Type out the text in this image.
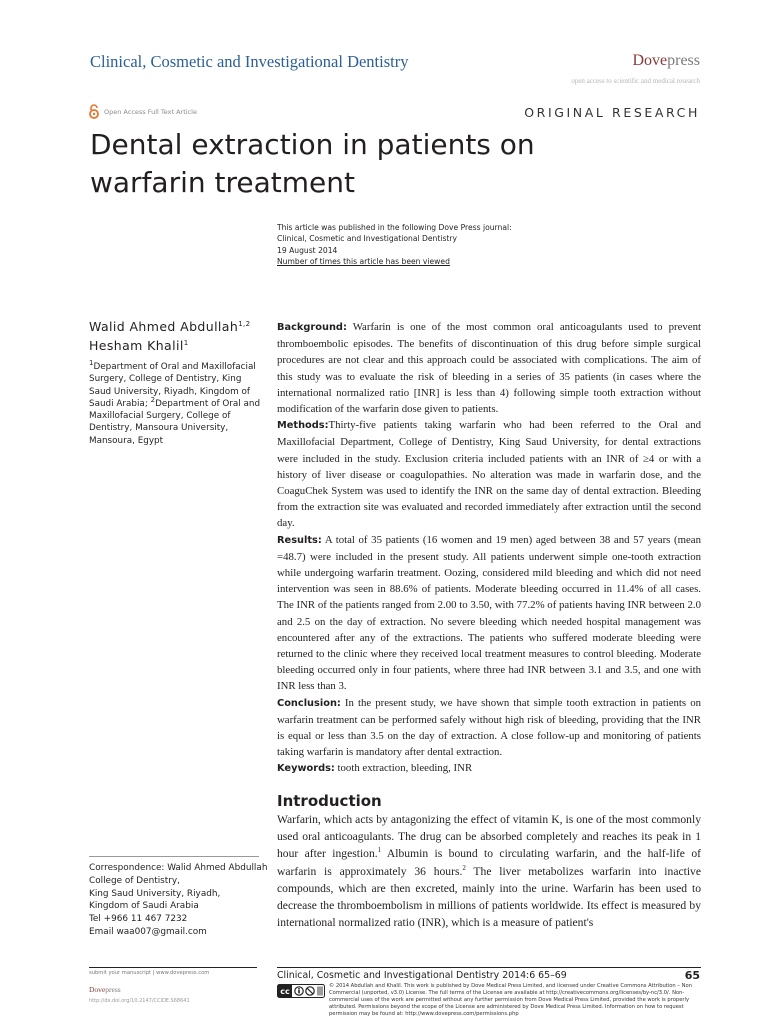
Clinical, Cosmetic and Investigational Dentistry	Dovepress
open access to scientific and medical research
Open Access Full Text Article	ORIGINAL RESEARCH
Dental extraction in patients on warfarin treatment
This article was published in the following Dove Press journal:
Clinical, Cosmetic and Investigational Dentistry
19 August 2014
Number of times this article has been viewed
Walid Ahmed Abdullah$^{1,2}$
Hesham Khalil$^1$
$^1$Department of Oral and Maxillofacial Surgery, College of Dentistry, King Saud University, Riyadh, Kingdom of Saudi Arabia; $^2$Department of Oral and Maxillofacial Surgery, College of Dentistry, Mansoura University, Mansoura, Egypt

Background: Warfarin is one of the most common oral anticoagulants used to prevent thromboembolic episodes. The benefits of discontinuation of this drug before simple surgical procedures are not clear and this approach could be associated with complications. The aim of this study was to evaluate the risk of bleeding in a series of 35 patients (in cases where the international normalized ratio [INR] is less than 4) following simple tooth extraction without modification of the warfarin dose given to patients.

Methods:Thirty-five patients taking warfarin who had been referred to the Oral and Maxillofacial Department, College of Dentistry, King Saud University, for dental extractions were included in the study. Exclusion criteria included patients with an INR of ≥4 or with a history of liver disease or coagulopathies. No alteration was made in warfarin dose, and the CoaguChek System was used to identify the INR on the same day of dental extraction. Bleeding from the extraction site was evaluated and recorded immediately after extraction until the second day.

Results: A total of 35 patients (16 women and 19 men) aged between 38 and 57 years (mean =48.7) were included in the present study. All patients underwent simple one-tooth extraction while undergoing warfarin treatment. Oozing, considered mild bleeding and which did not need intervention was seen in 88.6% of patients. Moderate bleeding occurred in 11.4% of all cases. The INR of the patients ranged from 2.00 to 3.50, with 77.2% of patients having INR between 2.0 and 2.5 on the day of extraction. No severe bleeding which needed hospital management was encountered after any of the extractions. The patients who suffered moderate bleeding were returned to the clinic where they received local treatment measures to control bleeding. Moderate bleeding occurred only in four patients, where three had INR between 3.1 and 3.5, and one with INR less than 3.

Conclusion: In the present study, we have shown that simple tooth extraction in patients on warfarin treatment can be performed safely without high risk of bleeding, providing that the INR is equal or less than 3.5 on the day of extraction. A close follow-up and monitoring of patients taking warfarin is mandatory after dental extraction.

Keywords: tooth extraction, bleeding, INR

Introduction

Warfarin, which acts by antagonizing the effect of vitamin K, is one of the most commonly used oral anticoagulants. The drug can be absorbed completely and reaches its peak in 1 hour after ingestion.$^1$ Albumin is bound to circulating warfarin, and the half-life of warfarin is approximately 36 hours.$^2$ The liver metabolizes warfarin into inactive compounds, which are then excreted, mainly into the urine. Warfarin has been used to decrease the thromboembolism in millions of patients worldwide. Its effect is measured by international normalized ratio (INR), which is a measure of patient's

Correspondence: Walid Ahmed Abdullah
College of Dentistry,
King Saud University, Riyadh,
Kingdom of Saudi Arabia
Tel +966 11 467 7232
Email waa007@gmail.com
submit your manuscript | www.dovepress.com
Dovepress
http://dx.doi.org/10.2147/CCIDE.S68641
Clinical, Cosmetic and Investigational Dentistry 2014:6 65–69	65
cc
© 2014 Abdullah and Khalil. This work is published by Dove Medical Press Limited, and licensed under Creative Commons Attribution – Non Commercial (unported, v3.0) License. The full terms of the License are available at http://creativecommons.org/licenses/by-nc/3.0/. Non-commercial uses of the work are permitted without any further permission from Dove Medical Press Limited, provided the work is properly attributed. Permissions beyond the scope of the License are administered by Dove Medical Press Limited. Information on how to request permission may be found at: http://www.dovepress.com/permissions.php
